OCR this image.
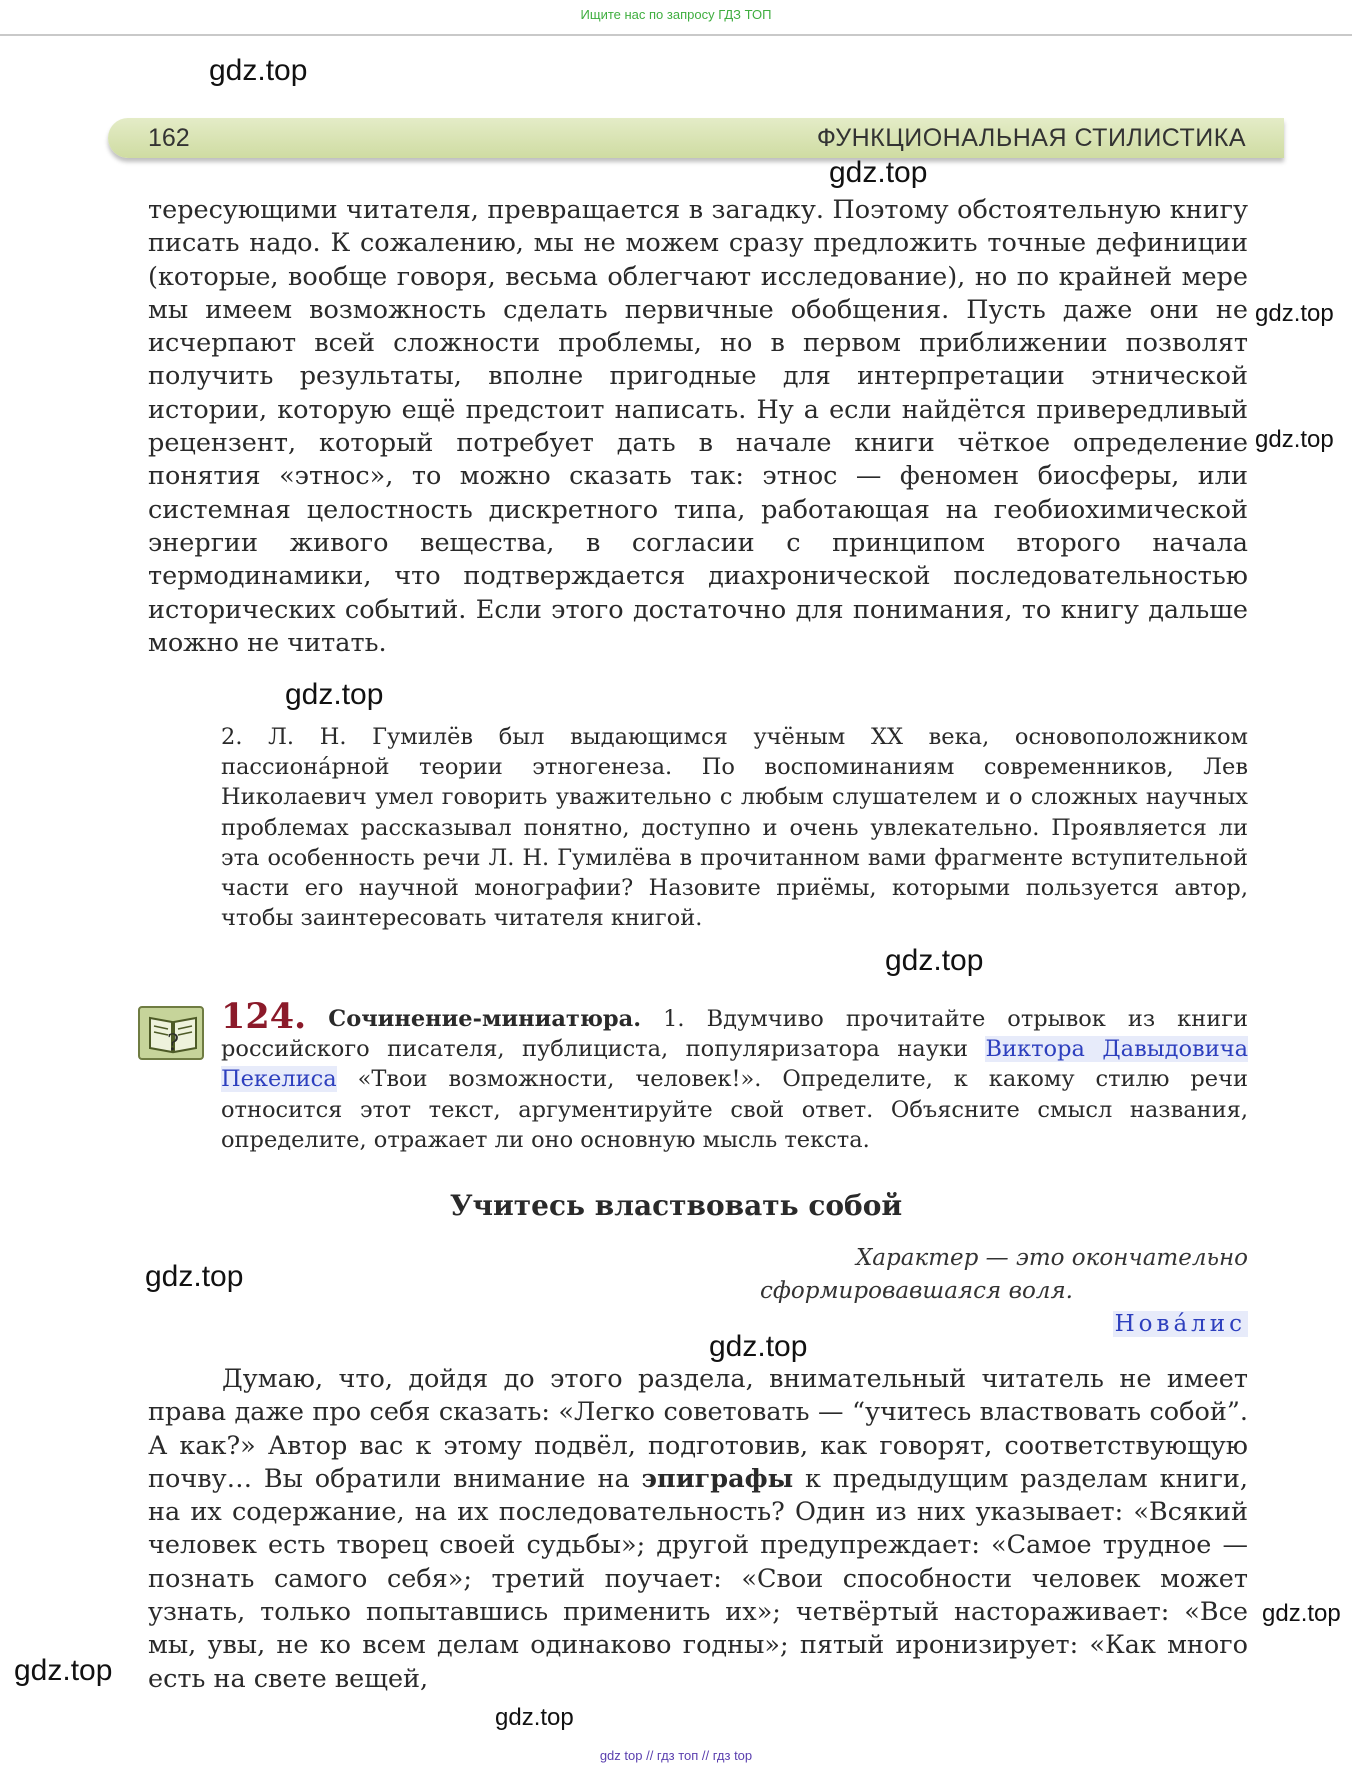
Ищите нас по запросу ГДЗ ТОП
gdz.top
162	ФУНКЦИОНАЛЬНАЯ СТИЛИСТИКА
gdz.top

тересующими читателя, превращается в загадку. Поэтому обстоятельную книгу писать надо. К сожалению, мы не можем сразу предложить точные дефиниции (которые, вообще говоря, весьма облегчают исследование), но по крайней мере мы имеем возможность сделать первичные обобщения. Пусть даже они не исчерпают всей сложности проблемы, но в первом приближении позволят получить результаты, вполне пригодные для интерпретации этнической истории, которую ещё предстоит написать. Ну а если найдётся привередливый рецензент, который потребует дать в начале книги чёткое определение понятия «этнос», то можно сказать так: этнос — феномен биосферы, или системная целостность дискретного типа, работающая на геобиохимической энергии живого вещества, в согласии с принципом второго начала термодинамики, что подтверждается диахронической последовательностью исторических событий. Если этого достаточно для понимания, то книгу дальше можно не читать.

gdz.top
gdz.top
gdz.top

2. Л. Н. Гумилёв был выдающимся учёным XX века, основоположником пассионáрной теории этногенеза. По воспоминаниям современников, Лев Николаевич умел говорить уважительно с любым слушателем и о сложных научных проблемах рассказывал понятно, доступно и очень увлекательно. Проявляется ли эта особенность речи Л. Н. Гумилёва в прочитанном вами фрагменте вступительной части его научной монографии? Назовите приёмы, которыми пользуется автор, чтобы заинтересовать читателя книгой.

gdz.top
?

124. Сочинение-миниатюра. 1. Вдумчиво прочитайте отрывок из книги российского писателя, публициста, популяризатора науки Виктора Давыдовича Пекелиса «Твои возможности, человек!». Определите, к какому стилю речи относится этот текст, аргументируйте свой ответ. Объясните смысл названия, определите, отражает ли оно основную мысль текста.

Учитесь властвовать собой
gdz.top
Характер — это окончательно
сформировавшаяся воля.
Новáлис
gdz.top

Думаю, что, дойдя до этого раздела, внимательный читатель не имеет права даже про себя сказать: «Легко советовать — “учитесь властвовать собой”. А как?» Автор вас к этому подвёл, подготовив, как говорят, соответствующую почву… Вы обратили внимание на эпиграфы к предыдущим разделам книги, на их содержание, на их последовательность? Один из них указывает: «Всякий человек есть творец своей судьбы»; другой предупреждает: «Самое трудное — познать самого себя»; третий поучает: «Свои способности человек может узнать, только попытавшись применить их»; четвёртый настораживает: «Все мы, увы, не ко всем делам одинаково годны»; пятый иронизирует: «Как много есть на свете вещей,

gdz.top
gdz.top
gdz.top
gdz top // гдз топ // гдз top
